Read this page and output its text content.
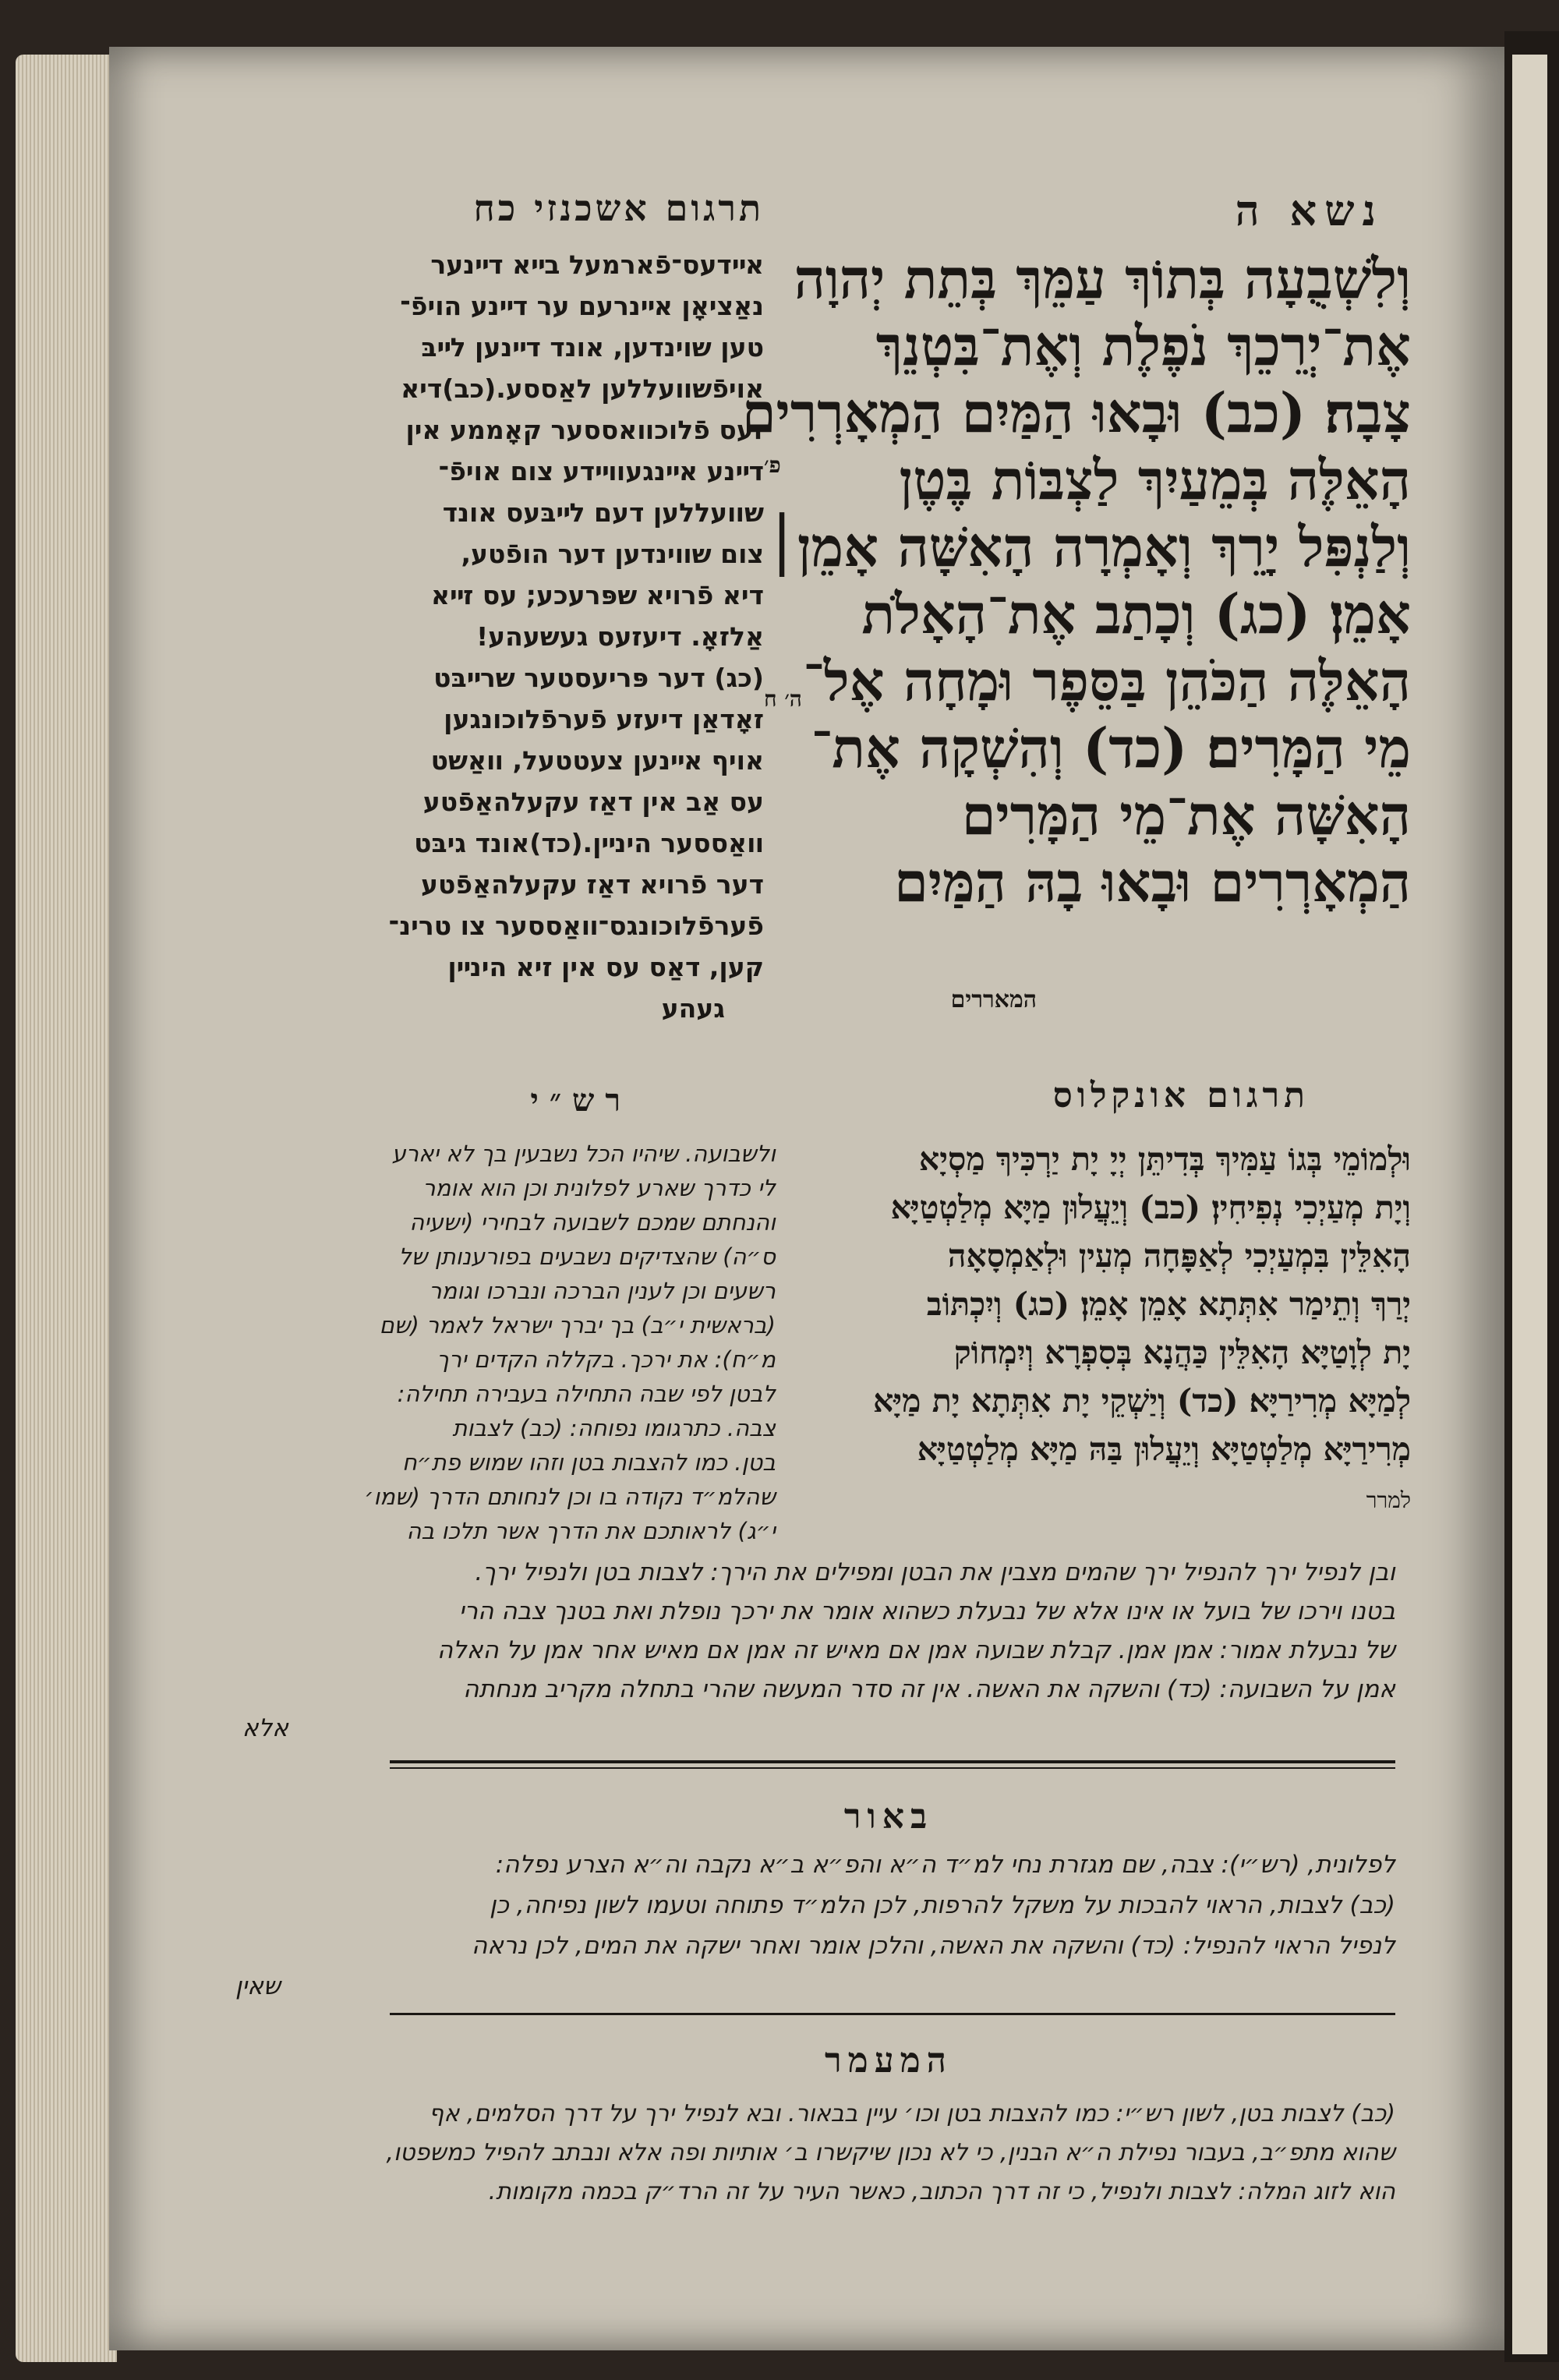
נשא ה
תרגום אשכנזי כח
וְלִשְׁבֻעָה בְּתוֹךְ עַמֵּךְ בְּתֵת יְהוָה
אֶת־יְרֵכֵךְ נֹפֶלֶת וְאֶת־בִּטְנֵךְ
צָבָה׃ (כב) וּבָאוּ הַמַּיִם הַמְאָרְרִים
הָאֵלֶּה בְּמֵעַיִךְ לַצְבּוֹת בֶּטֶן
וְלַנְפִּל יָרֵךְ וְאָמְרָה הָאִשָּׁה אָמֵן׀
אָמֵן׃ (כג) וְכָתַב אֶת־הָאָלֹת
הָאֵלֶּה הַכֹּהֵן בַּסֵּפֶר וּמָחָה אֶל־
מֵי הַמָּרִים׃ (כד) וְהִשְׁקָה אֶת־
הָאִשָּׁה אֶת־מֵי הַמָּרִים
הַמְאָרְרִים וּבָאוּ בָהּ הַמַּיִם
המאררים
פ׳
ה׳ ח
אײדעס־פֿארמעל בײא דײנער
נאַציאָן אײנרעם ער דײנע הויפֿ־
טען שוינדען, אונד דײנען לײבּ
אויפֿשװעללען לאַססע.(כב)דיא
זעס פֿלוכװאססער קאָממע אין
דײנע אײנגעװײדע צום אויפֿ־
שװעללען דעם לײבּעס אונד
צום שװינדען דער הופֿטע,
דיא פֿרויא שפּרעכע; עס זײא
אַלזאָ. דיעזעס געשעהע!
(כג) דער פּריעסטער שרײבּט
זאָדאַן דיעזע פֿערפֿלוכונגען
אויף אײנען צעטטעל, װאַשט
עס אַב אין דאַז עקעלהאַפֿטע
װאַססער הינײן.(כד)אונד גיבּט
דער פֿרויא דאַז עקעלהאַפֿטע
פֿערפֿלוכונגס־װאַססער צו טרינ־
קען, דאַס עס אין זיא הינײן
געהע
תרגום אונקלוס
וּלְמוֹמֵי בְּגוֹ עַמִּיךְ בְּדִיתֵּן יְיָ יָת יַרְכִּיךְ מַסְיָא
וְיָת מְעַיְכִי נְפִיחִין׃ (כב) וְיֵעֲלוּן מַיָּא מְלַטְטַיָּא
הָאִלֵּין בִּמְעַיְכִי לְאַפָּחָה מְעִין וּלְאַמְסָאָה
יְרַךְ וְתֵימַר אִתְּתָא אָמֵן אָמֵן׃ (כג) וְיִכְתּוֹב
יָת לְוָטַיָּא הָאִלֵּין כַּהֲנָא בְּסִפְרָא וְיִמְחוֹק
לְמַיָּא מְרִירַיָּא׃ (כד) וְיַשְׁקֵי יָת אִתְּתָא יָת מַיָּא
מְרִירַיָּא מְלַטְטַיָּא וְיֵעֲלוּן בַּהּ מַיָּא מְלַטְטַיָּא
למרר
רש״י
ולשבועה. שיהיו הכל נשבעין בך לא יארע
לי כדרך שארע לפלונית וכן הוא אומר
והנחתם שמכם לשבועה לבחירי (ישעיה
ס״ה) שהצדיקים נשבעים בפורענותן של
רשעים וכן לענין הברכה ונברכו וגומר
(בראשית י״ב) בך יברך ישראל לאמר (שם
מ״ח): את ירכך. בקללה הקדים ירך
לבטן לפי שבה התחילה בעבירה תחילה:
צבה. כתרגומו נפוחה: (כב) לצבות
בטן. כמו להצבות בטן וזהו שמוש פת״ח
שהלמ״ד נקודה בו וכן לנחותם הדרך (שמו׳
י״ג) לראותכם את הדרך אשר תלכו בה
ובן לנפיל ירך להנפיל ירך שהמים מצבין את הבטן ומפילים את הירך: לצבות בטן ולנפיל ירך.
בטנו וירכו של בועל או אינו אלא של נבעלת כשהוא אומר את ירכך נופלת ואת בטנך צבה הרי
של נבעלת אמור: אמן אמן. קבלת שבועה אמן אם מאיש זה אמן אם מאיש אחר אמן על האלה
אמן על השבועה: (כד) והשקה את האשה. אין זה סדר המעשה שהרי בתחלה מקריב מנחתה
אלא
באור
לפלונית, (רש״י): צבה, שם מגזרת נחי למ״ד ה״א והפ״א ב״א נקבה וה״א הצרע נפלה:
(כב) לצבות, הראוי להבכות על משקל להרפות, לכן הלמ״ד פתוחה וטעמו לשון נפיחה, כן
לנפיל הראוי להנפיל: (כד) והשקה את האשה, והלכן אומר ואחר ישקה את המים, לכן נראה
שאין
המעמר
(כב) לצבות בטן, לשון רש״י: כמו להצבות בטן וכו׳ עיין בבאור. ובא לנפיל ירך על דרך הסלמים, אף
שהוא מתפ״ב, בעבור נפילת ה״א הבנין, כי לא נכון שיקשרו ב׳ אותיות ופה אלא ונבתב להפיל כמשפטו,
הוא לזוג המלה: לצבות ולנפיל, כי זה דרך הכתוב, כאשר העיר על זה הרד״ק בכמה מקומות.
